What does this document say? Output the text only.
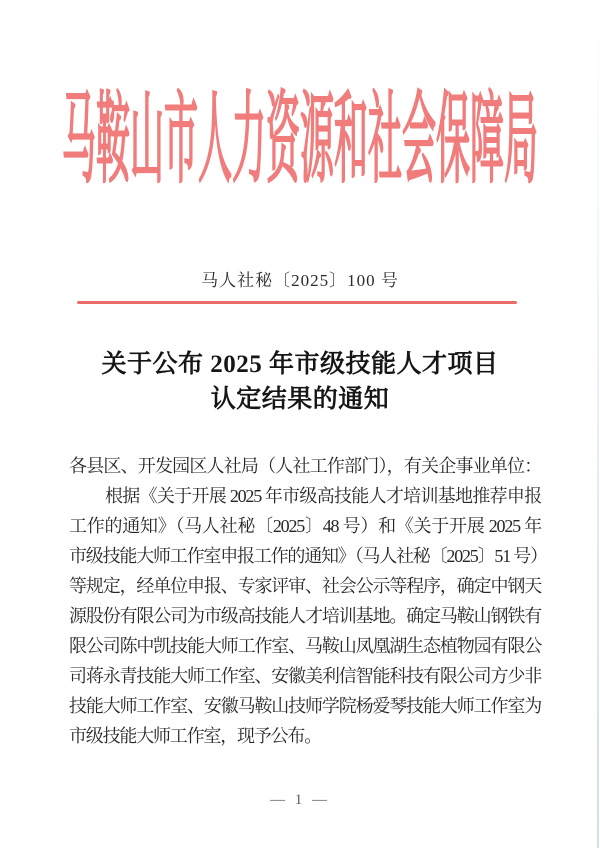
马鞍山市人力资源和社会保障局
马人社秘〔2025〕100 号
关于公布 2025 年市级技能人才项目
认定结果的通知
各县区、开发园区人社局（人社工作部门），有关企事业单位：
根据《关于开展 2025 年市级高技能人才培训基地推荐申报
工作的通知》（马人社秘〔2025〕48 号）和《关于开展 2025 年
市级技能大师工作室申报工作的通知》（马人社秘〔2025〕51 号）
等规定，经单位申报、专家评审、社会公示等程序，确定中钢天
源股份有限公司为市级高技能人才培训基地。确定马鞍山钢铁有
限公司陈中凯技能大师工作室、马鞍山凤凰湖生态植物园有限公
司蒋永青技能大师工作室、安徽美利信智能科技有限公司方少非
技能大师工作室、安徽马鞍山技师学院杨爱琴技能大师工作室为
市级技能大师工作室，现予公布。
— 1 —
